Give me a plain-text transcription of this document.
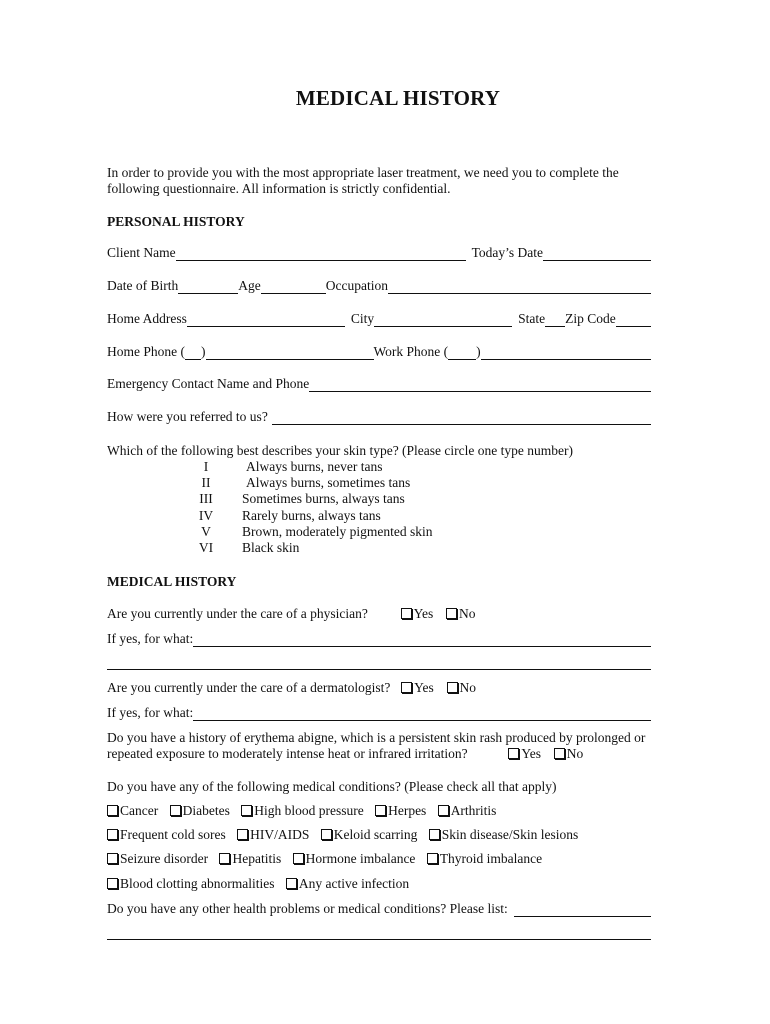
MEDICAL HISTORY
In order to provide you with the most appropriate laser treatment, we need you to complete the
following questionnaire. All information is strictly confidential.
PERSONAL HISTORY
Client Name	Today’s Date
Date of Birth	Age	Occupation
Home Address	City	State Zip Code
Home Phone ( )	Work Phone ( )
Emergency Contact Name and Phone
How were you referred to us?
Which of the following best describes your skin type? (Please circle one type number)
I	Always burns, never tans
II	Always burns, sometimes tans
III	Sometimes burns, always tans
IV	Rarely burns, always tans
V	Brown, moderately pigmented skin
VI	Black skin
MEDICAL HISTORY
Are you currently under the care of a physician?	Yes No
If yes, for what:
Are you currently under the care of a dermatologist? Yes No
If yes, for what:
Do you have a history of erythema abigne, which is a persistent skin rash produced by prolonged or
repeated exposure to moderately intense heat or infrared irritation?	Yes No
Do you have any of the following medical conditions? (Please check all that apply)
Cancer Diabetes High blood pressure Herpes Arthritis
Frequent cold sores HIV/AIDS Keloid scarring Skin disease/Skin lesions
Seizure disorder Hepatitis Hormone imbalance Thyroid imbalance
Blood clotting abnormalities Any active infection
Do you have any other health problems or medical conditions? Please list:
